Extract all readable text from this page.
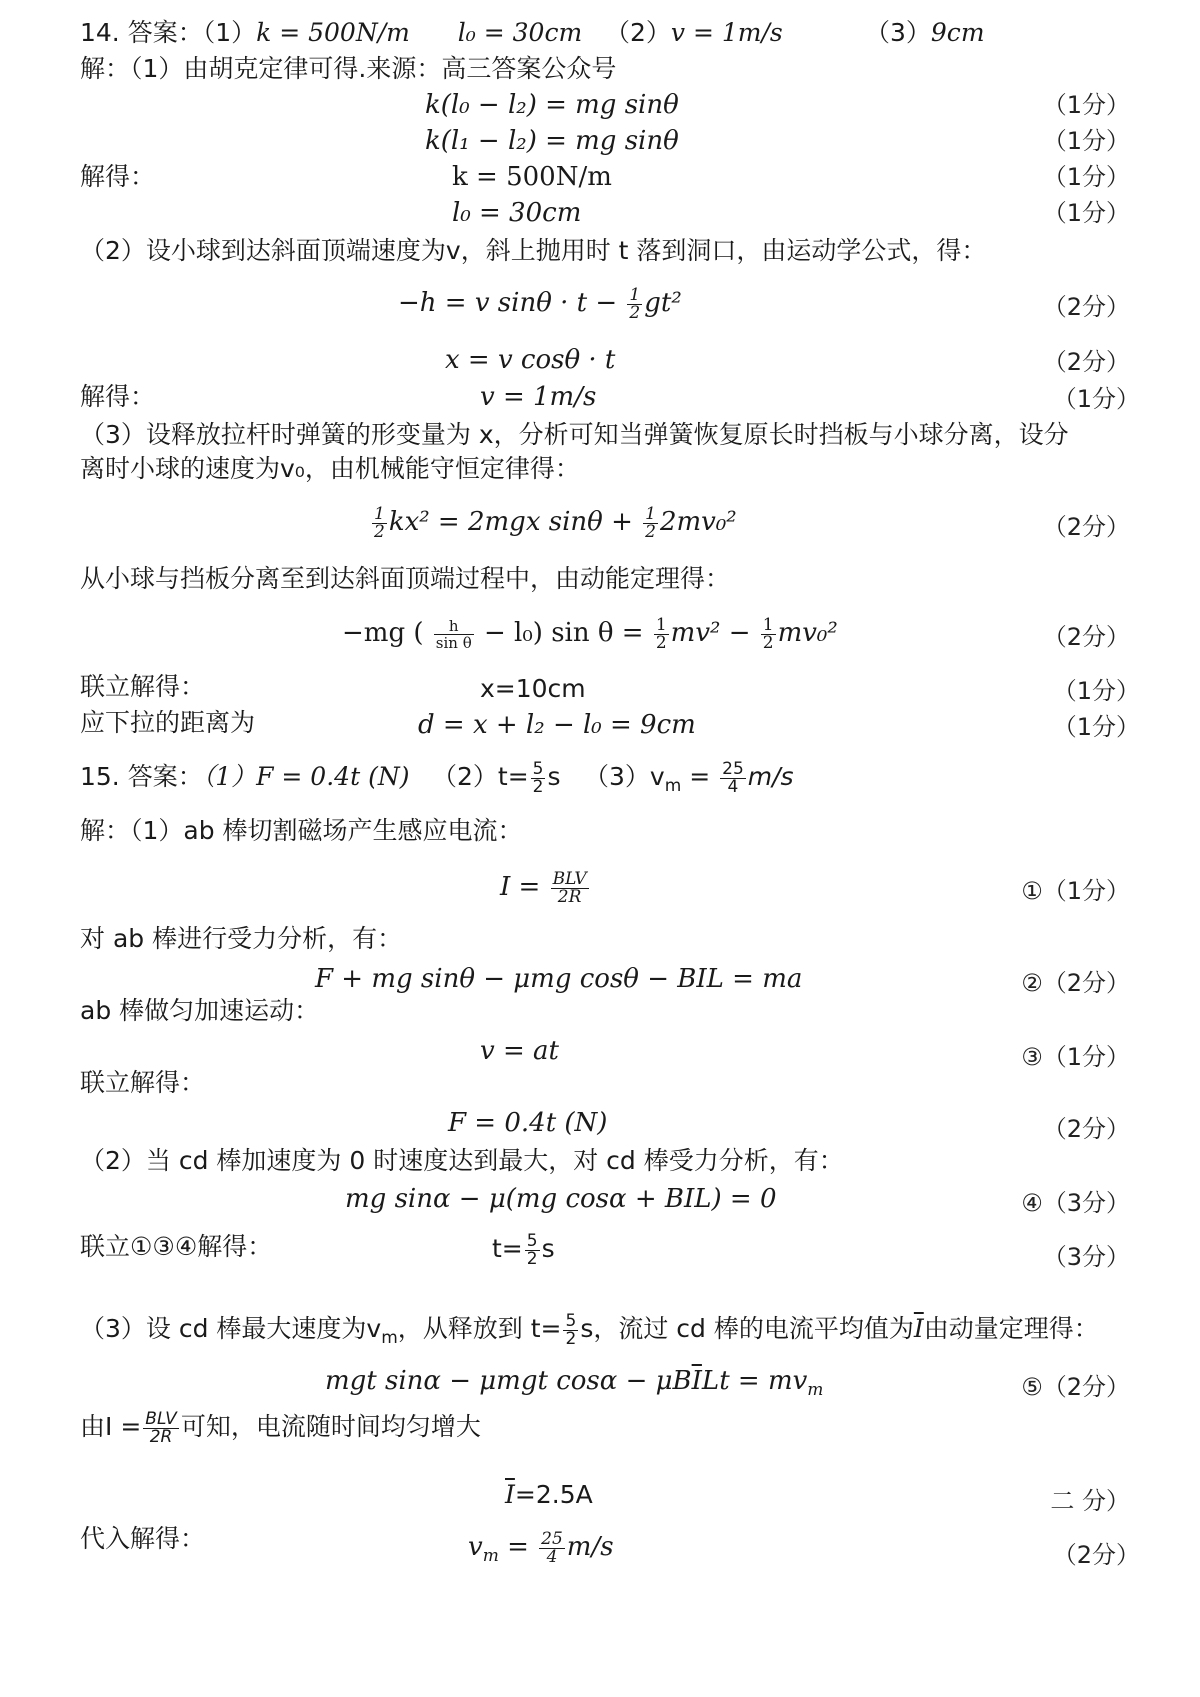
14. 答案：（1）k = 500N/m l₀ = 30cm （2）v = 1m/s	（3）9cm
解：（1）由胡克定律可得.来源：高三答案公众号
k(l₀ − l₂) = mg sinθ	（1分）
k(l₁ − l₂) = mg sinθ	（1分）
解得：	k = 500N/m	（1分）
l₀ = 30cm	（1分）
（2）设小球到达斜面顶端速度为v，斜上抛用时 t 落到洞口，由运动学公式，得：
−h = v $\sin\theta \cdot t - \frac{1}{2} gt^2$	（2分）
x = v cosθ · t	（2分）
解得：	v = 1m/s	（1分）
（3）设释放拉杆时弹簧的形变量为 x，分析可知当弹簧恢复原长时挡板与小球分离，设分
离时小球的速度为v₀，由机械能守恒定律得：
$\frac{1}{2} kx^2 = 2mgx$ $\sin\theta + \frac{1}{2} 2mv_0^2$	（2分）
从小球与挡板分离至到达斜面顶端过程中，由动能定理得：
−mg ( $\frac{h}{\text{sin θ}} - l_0$) $\sin \theta = \frac{1}{2} mv^2 - \frac{1}{2} mv_0^2$	（2分）
联立解得：	x=10cm	（1分）
应下拉的距离为	d = x + l₂ − l₀ = 9cm	（1分）
15. 答案：（1）F = 0.4t (N) $(2)t= \frac{5}{2}$ s $(3)v_m = \frac{25}{4} m/s$
解：（1）ab 棒切割磁场产生感应电流：
$I = \frac{\text{BLV}}{2R}$	①（1分）
对 ab 棒进行受力分析，有：
F + mg sinθ − μmg cosθ − BIL = ma	②（2分）
ab 棒做匀加速运动：
v = at	③（1分）
联立解得：
F = 0.4t (N)	（2分）
（2）当 cd 棒加速度为 0 时速度达到最大，对 cd 棒受力分析，有：
mg sinα − μ(mg cosα + BIL) = 0	④（3分）
联立①③④解得：	$t= \frac{5}{2}$ s	（3分）
（3）设 cd 棒最大速度为$v_m$，从释放到 $t= \frac{5}{2}$ s，流过 cd 棒的电流平均值为$\overline{I}$由动量定理得：
mgt sinα − μmgt $\cos\alpha - \mu B\overline{I}Lt = mv_m$	⑤（2分）
由$I = \frac{\text{BLV}}{2R}$ 可知，电流随时间均匀增大
$\overline{I}=2.5A$	二 分）
代入解得：	$v_m = \frac{25}{4} m/s$	（2分）
